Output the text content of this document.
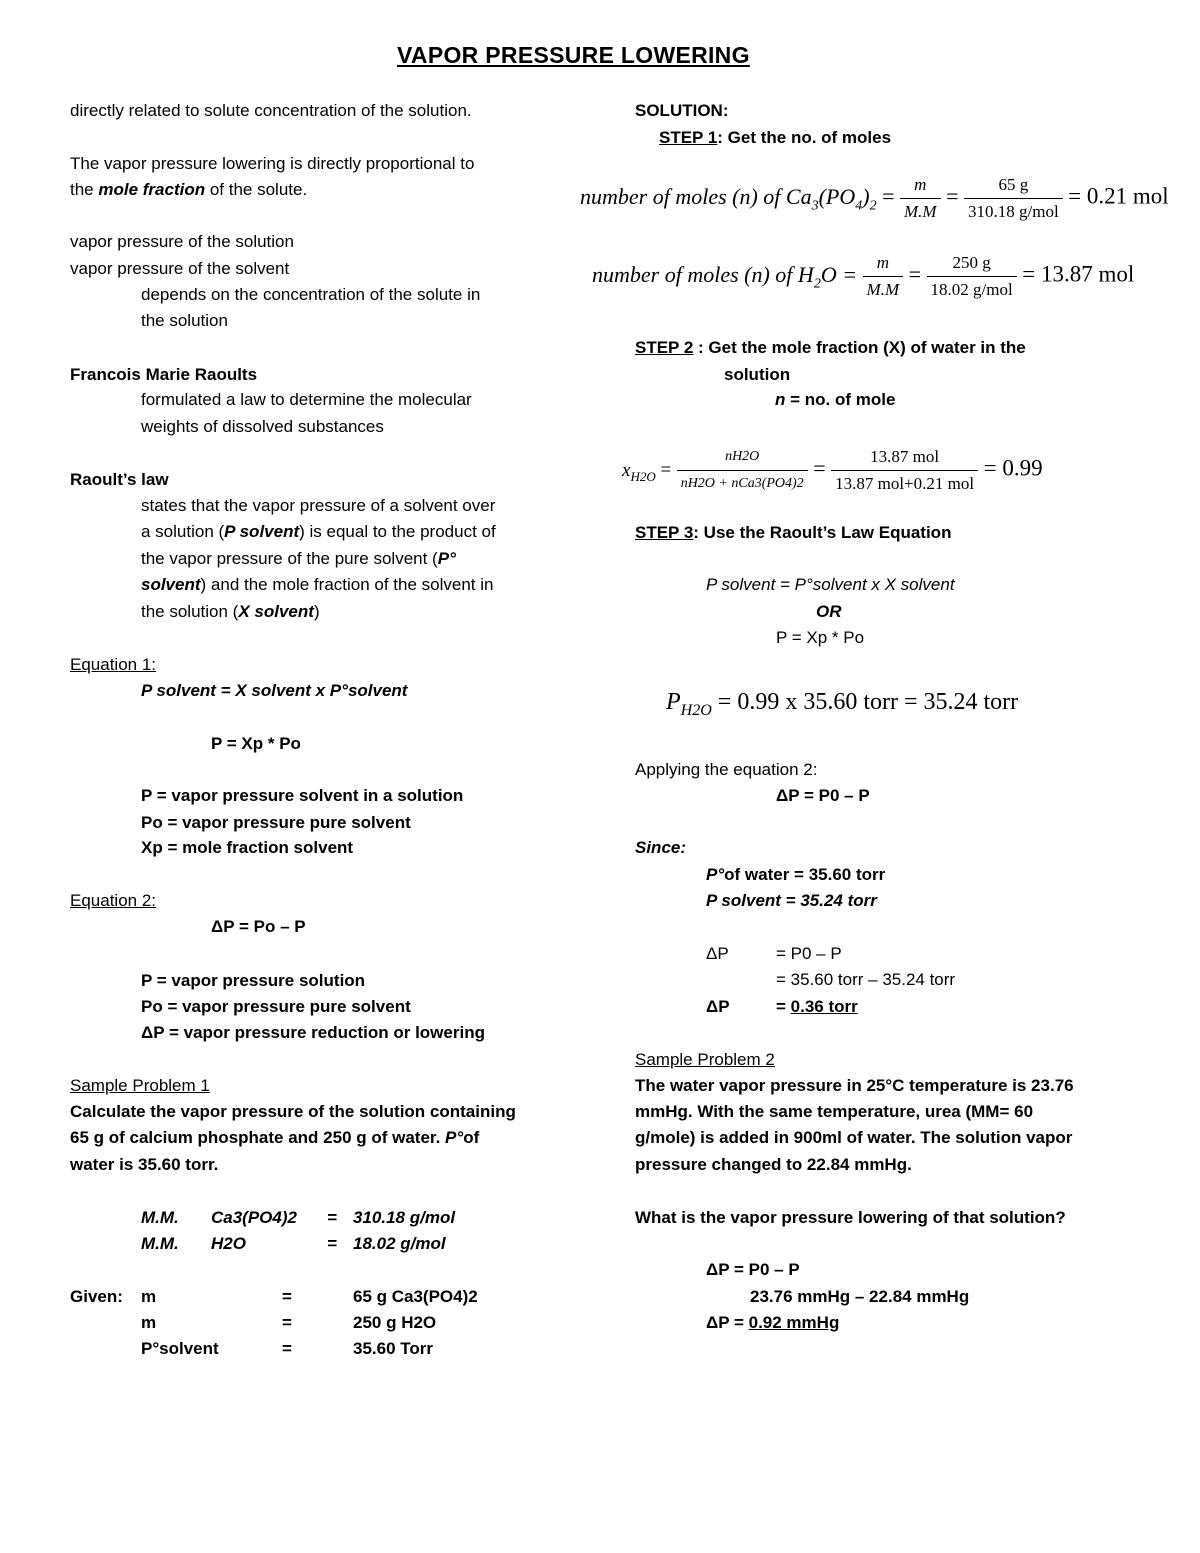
VAPOR PRESSURE LOWERING
directly related to solute concentration of the solution.
The vapor pressure lowering is directly proportional to
the mole fraction of the solute.
vapor pressure of the solution
vapor pressure of the solvent
depends on the concentration of the solute in
the solution
Francois Marie Raoults
formulated a law to determine the molecular
weights of dissolved substances
Raoult’s law
states that the vapor pressure of a solvent over
a solution (P solvent) is equal to the product of
the vapor pressure of the pure solvent (P°
solvent) and the mole fraction of the solvent in
the solution (X solvent)
Equation 1:
P solvent = X solvent x P°solvent
P = Xp * Po
P = vapor pressure solvent in a solution
Po = vapor pressure pure solvent
Xp = mole fraction solvent
Equation 2:
ΔP = Po – P
P = vapor pressure solution
Po = vapor pressure pure solvent
ΔP = vapor pressure reduction or lowering
Sample Problem 1
Calculate the vapor pressure of the solution containing
65 g of calcium phosphate and 250 g of water. P°of
water is 35.60 torr.
M.M. Ca3(PO4)2 = 310.18 g/mol
M.M. H2O	= 18.02 g/mol
Given: m	=	65 g Ca3(PO4)2
m	=	250 g H2O
P°solvent	=	35.60 Torr
SOLUTION:
STEP 1: Get the no. of moles
number of moles (n) of $Ca_3(PO_4)_2 = \frac{m}{M.M} = \frac{65 g}{\text{310.18 g/mol}} = 0.21$ mol
number of moles (n) of $H_2O = \frac{m}{M.M} = \frac{250 g}{\text{18.02 g/mol}} = 13.87$ mol
STEP 2 : Get the mole fraction (X) of water in the
solution
n = no. of mole
$x_{H2O} = \frac{nH2O}{\text{nH2O + nCa3(PO4)2}} = \frac{\text{13.87 mol}}{\text{13.87 mol+0.21 mol}} = 0.99$
STEP 3: Use the Raoult’s Law Equation
P solvent = P°solvent x X solvent
OR
P = Xp * Po
$P_{H2O} = 0.99$ x 35.60 torr = 35.24 torr
Applying the equation 2:
ΔP = P0 – P
Since:
P°of water = 35.60 torr
P solvent = 35.24 torr
ΔP	= P0 – P
= 35.60 torr – 35.24 torr
ΔP	= 0.36 torr
Sample Problem 2
The water vapor pressure in 25°C temperature is 23.76
mmHg. With the same temperature, urea (MM= 60
g/mole) is added in 900ml of water. The solution vapor
pressure changed to 22.84 mmHg.
What is the vapor pressure lowering of that solution?
ΔP = P0 – P
23.76 mmHg – 22.84 mmHg
ΔP = 0.92 mmHg
